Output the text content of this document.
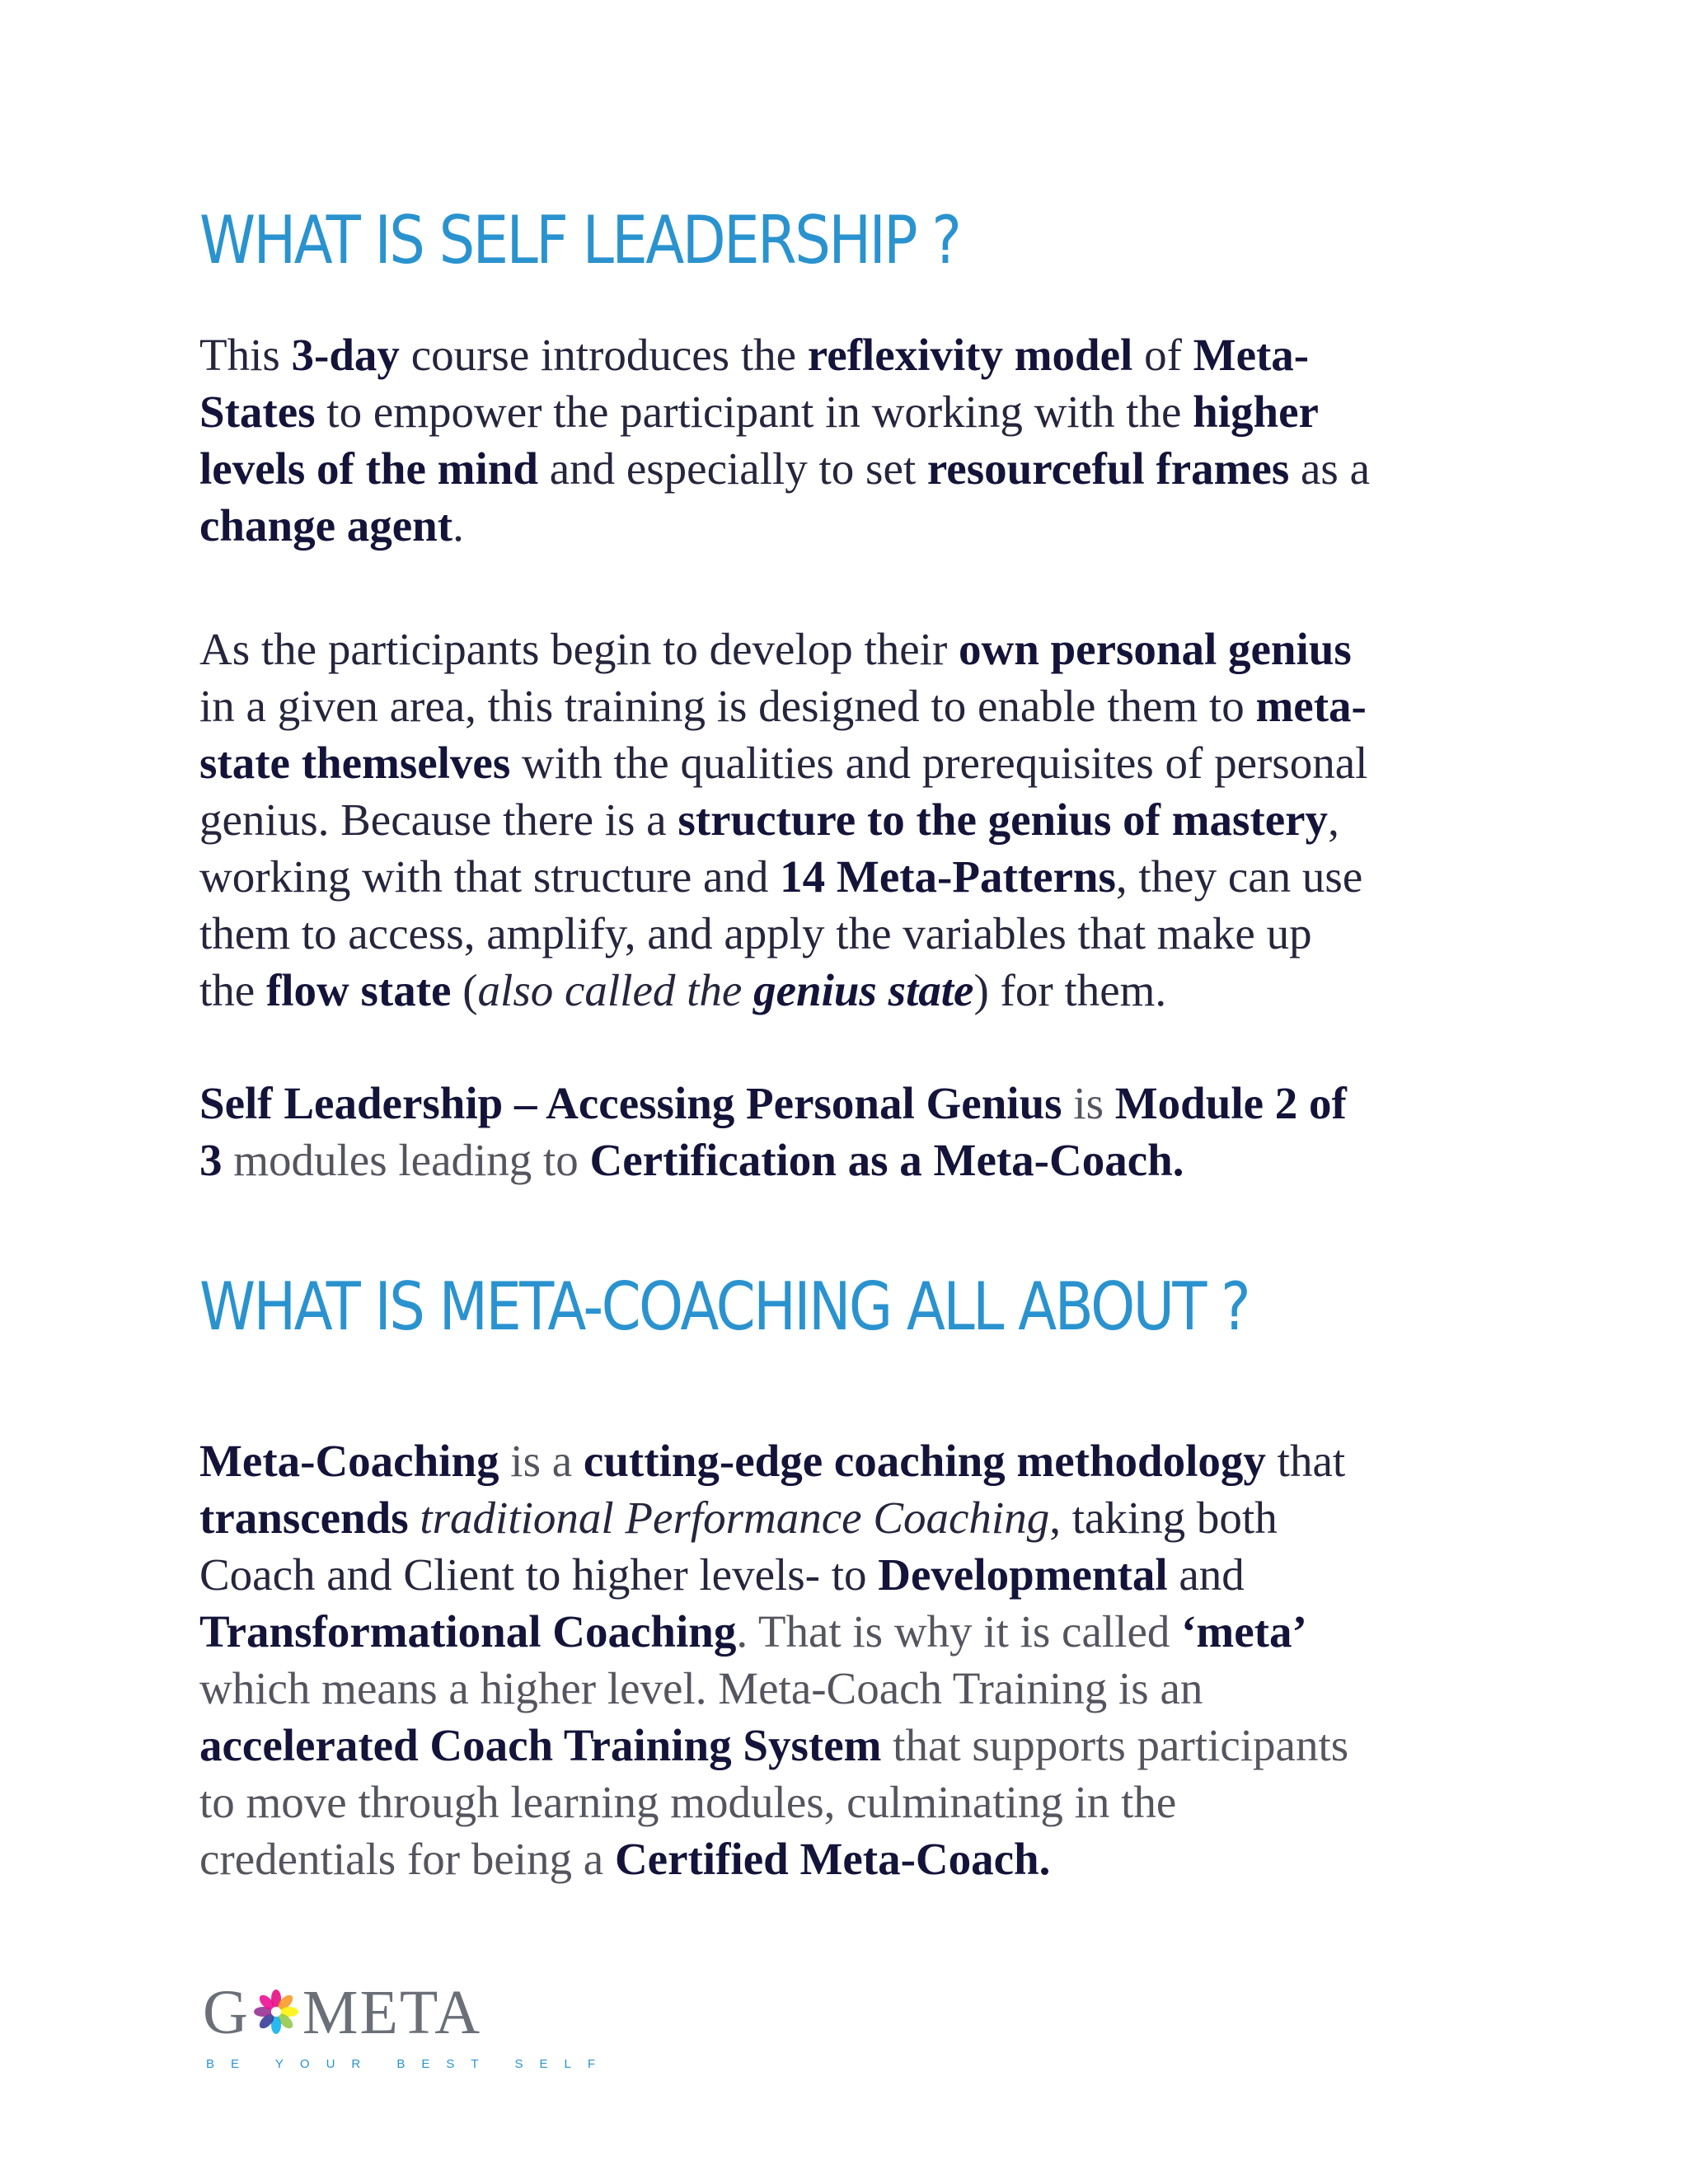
WHAT IS SELF LEADERSHIP ?

This 3-day course introduces the reflexivity model of Meta-
States to empower the participant in working with the higher
levels of the mind and especially to set resourceful frames as a
change agent.

As the participants begin to develop their own personal genius
in a given area, this training is designed to enable them to meta-
state themselves with the qualities and prerequisites of personal
genius. Because there is a structure to the genius of mastery,
working with that structure and 14 Meta-Patterns, they can use
them to access, amplify, and apply the variables that make up
the flow state (also called the genius state) for them.

Self Leadership – Accessing Personal Genius is Module 2 of
3 modules leading to Certification as a Meta-Coach.

WHAT IS META-COACHING ALL ABOUT ?

Meta-Coaching is a cutting-edge coaching methodology that
transcends traditional Performance Coaching, taking both
Coach and Client to higher levels- to Developmental and
Transformational Coaching. That is why it is called ‘meta’
which means a higher level. Meta-Coach Training is an
accelerated Coach Training System that supports participants
to move through learning modules, culminating in the
credentials for being a Certified Meta-Coach.

G META
BE YOUR BEST SELF
